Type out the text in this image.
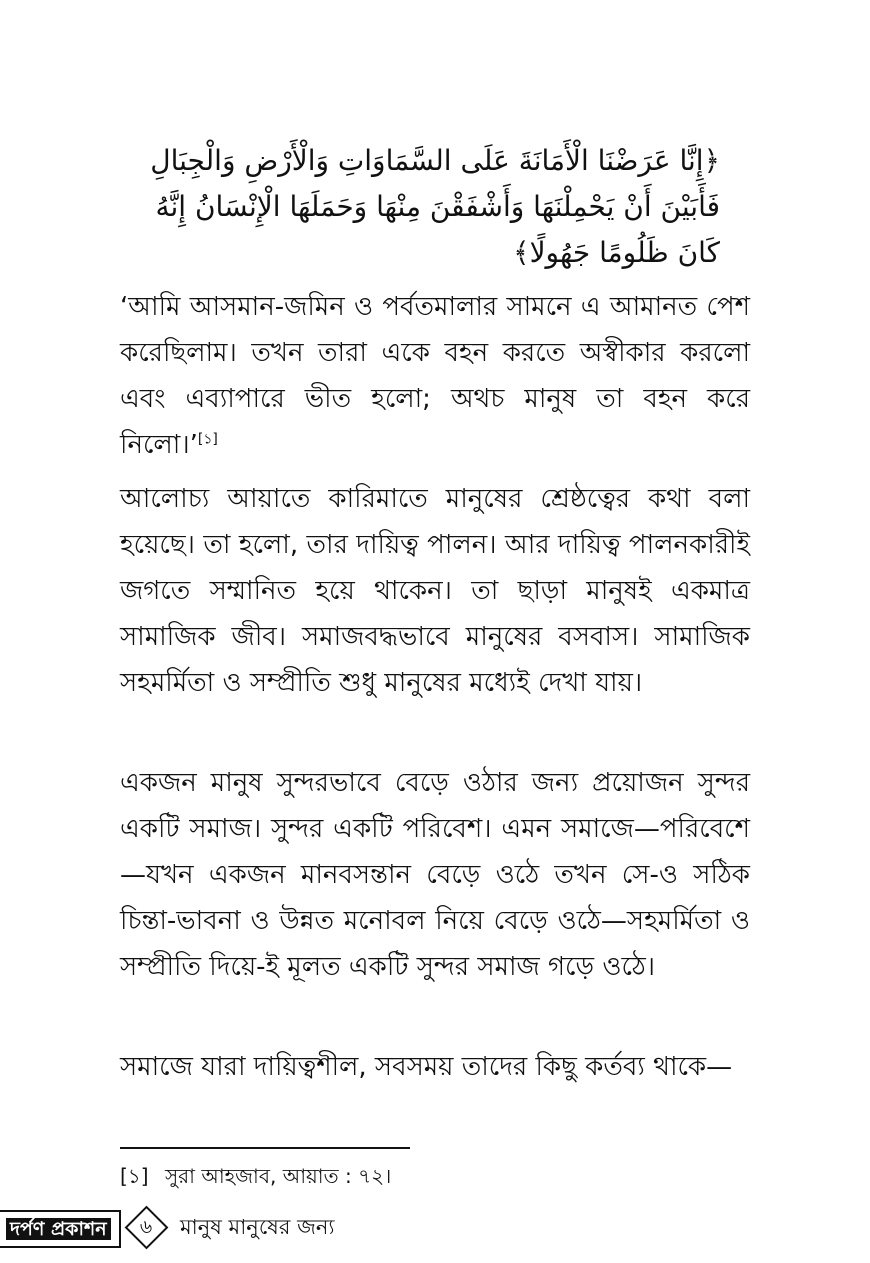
﴿إِنَّا عَرَضْنَا الْأَمَانَةَ عَلَى السَّمَاوَاتِ وَالْأَرْضِ وَالْجِبَالِ
فَأَبَيْنَ أَنْ يَحْمِلْنَهَا وَأَشْفَقْنَ مِنْهَا وَحَمَلَهَا الْإِنْسَانُ إِنَّهُ
كَانَ ظَلُومًا جَهُولًا﴾

‘আমি আসমান-জমিন ও পর্বতমালার সামনে এ আমানত পেশ করেছিলাম। তখন তারা একে বহন করতে অস্বীকার করলো এবং এব্যাপারে ভীত হলো; অথচ মানুষ তা বহন করে নিলো।’[১]

আলোচ্য আয়াতে কারিমাতে মানুষের শ্রেষ্ঠত্বের কথা বলা হয়েছে। তা হলো, তার দায়িত্ব পালন। আর দায়িত্ব পালনকারীই জগতে সম্মানিত হয়ে থাকেন। তা ছাড়া মানুষই একমাত্র সামাজিক জীব। সমাজবদ্ধভাবে মানুষের বসবাস। সামাজিক সহমর্মিতা ও সম্প্রীতি শুধু মানুষের মধ্যেই দেখা যায়।

একজন মানুষ সুন্দরভাবে বেড়ে ওঠার জন্য প্রয়োজন সুন্দর একটি সমাজ। সুন্দর একটি পরিবেশ। এমন সমাজে—পরিবেশে—যখন একজন মানবসন্তান বেড়ে ওঠে তখন সে-ও সঠিক চিন্তা-ভাবনা ও উন্নত মনোবল নিয়ে বেড়ে ওঠে—সহমর্মিতা ও সম্প্রীতি দিয়ে-ই মূলত একটি সুন্দর সমাজ গড়ে ওঠে।

সমাজে যারা দায়িত্বশীল, সবসময় তাদের কিছু কর্তব্য থাকে—

[১] সুরা আহজাব, আয়াত : ৭২।
দর্পণ প্রকাশন	৬	মানুষ মানুষের জন্য
